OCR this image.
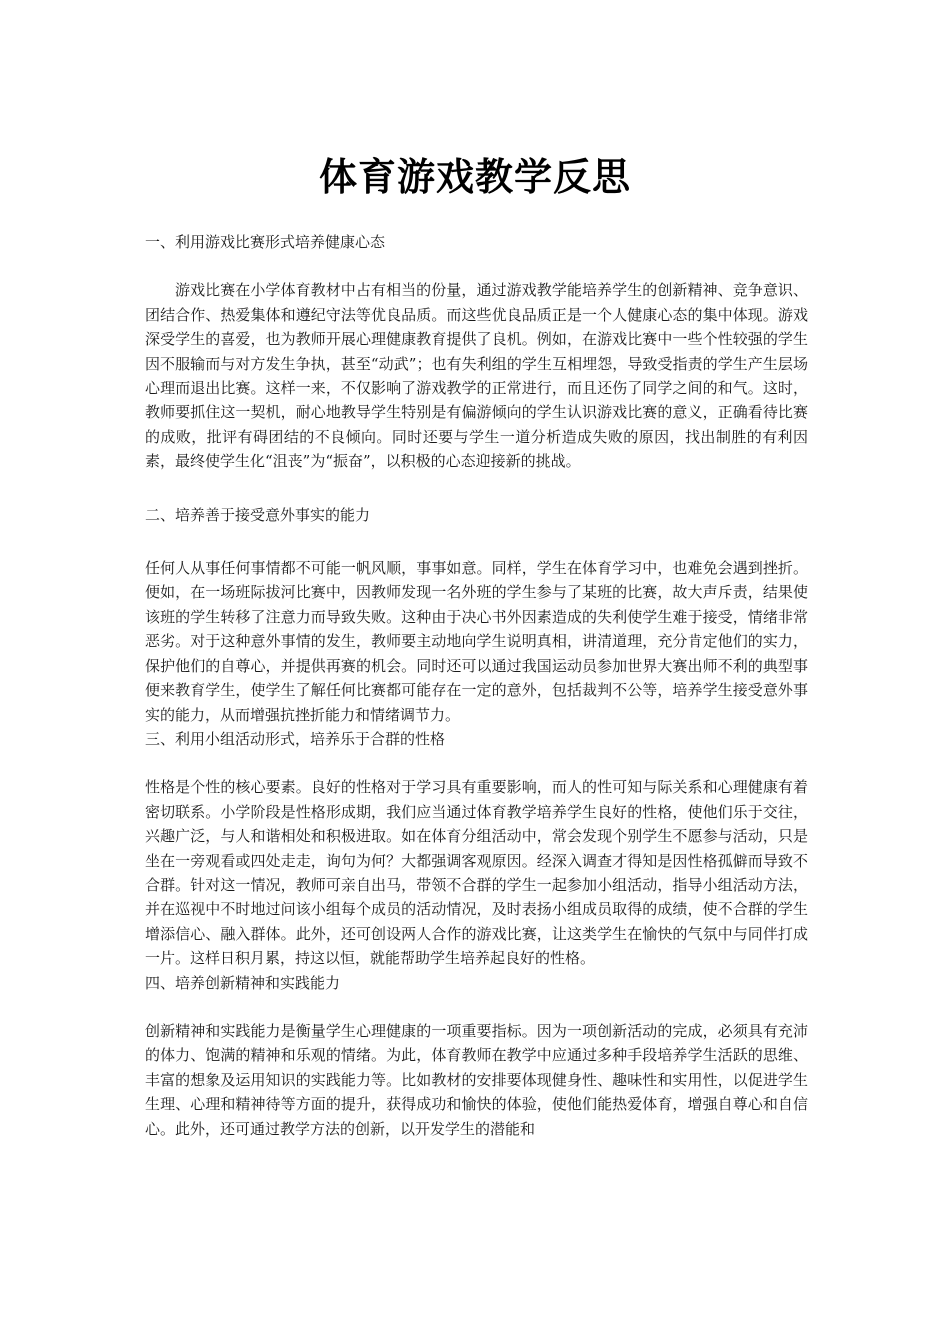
体育游戏教学反思

一、利用游戏比赛形式培养健康心态

游戏比赛在小学体育教材中占有相当的份量，通过游戏教学能培养学生的创新精神、竞争意识、团结合作、热爱集体和遵纪守法等优良品质。而这些优良品质正是一个人健康心态的集中体现。游戏深受学生的喜爱，也为教师开展心理健康教育提供了良机。例如，在游戏比赛中一些个性较强的学生因不服输而与对方发生争执，甚至“动武”；也有失利组的学生互相埋怨，导致受指责的学生产生层场心理而退出比赛。这样一来，不仅影响了游戏教学的正常进行，而且还伤了同学之间的和气。这时，教师要抓住这一契机，耐心地教导学生特别是有偏游倾向的学生认识游戏比赛的意义，正确看待比赛的成败，批评有碍团结的不良倾向。同时还要与学生一道分析造成失败的原因，找出制胜的有利因素，最终使学生化“沮丧”为“振奋”，以积极的心态迎接新的挑战。

二、培养善于接受意外事实的能力

任何人从事任何事情都不可能一帆风顺，事事如意。同样，学生在体育学习中，也难免会遇到挫折。便如，在一场班际拔河比赛中，因教师发现一名外班的学生参与了某班的比赛，故大声斥责，结果使该班的学生转移了注意力而导致失败。这种由于决心书外因素造成的失利使学生难于接受，情绪非常恶劣。对于这种意外事情的发生，教师要主动地向学生说明真相，讲清道理，充分肯定他们的实力，保护他们的自尊心，并提供再赛的机会。同时还可以通过我国运动员参加世界大赛出师不利的典型事便来教育学生，使学生了解任何比赛都可能存在一定的意外，包括裁判不公等，培养学生接受意外事实的能力，从而增强抗挫折能力和情绪调节力。

三、利用小组活动形式，培养乐于合群的性格

性格是个性的核心要素。良好的性格对于学习具有重要影响，而人的性可知与际关系和心理健康有着密切联系。小学阶段是性格形成期，我们应当通过体育教学培养学生良好的性格，使他们乐于交往，兴趣广泛，与人和谐相处和积极进取。如在体育分组活动中，常会发现个别学生不愿参与活动，只是坐在一旁观看或四处走走，询句为何？大都强调客观原因。经深入调查才得知是因性格孤僻而导致不合群。针对这一情况，教师可亲自出马，带领不合群的学生一起参加小组活动，指导小组活动方法，并在巡视中不时地过问该小组每个成员的活动情况，及时表扬小组成员取得的成绩，使不合群的学生增添信心、融入群体。此外，还可创设两人合作的游戏比赛，让这类学生在愉快的气氛中与同伴打成一片。这样日积月累，持这以恒，就能帮助学生培养起良好的性格。

四、培养创新精神和实践能力

创新精神和实践能力是衡量学生心理健康的一项重要指标。因为一项创新活动的完成，必须具有充沛的体力、饱满的精神和乐观的情绪。为此，体育教师在教学中应通过多种手段培养学生活跃的思维、丰富的想象及运用知识的实践能力等。比如教材的安排要体现健身性、趣味性和实用性，以促进学生生理、心理和精神待等方面的提升，获得成功和愉快的体验，使他们能热爱体育，增强自尊心和自信心。此外，还可通过教学方法的创新，以开发学生的潜能和
